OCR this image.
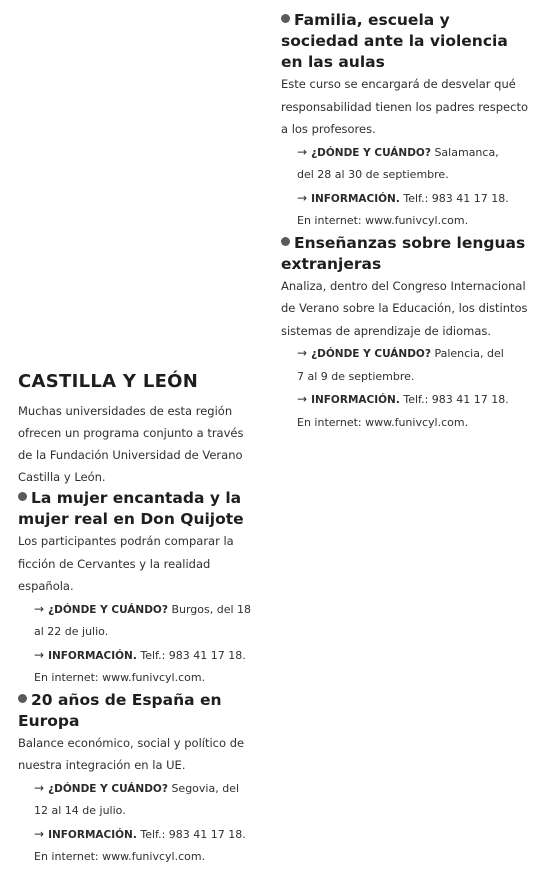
Familia, escuela y sociedad ante la violencia en las aulas

Este curso se encargará de desvelar qué responsabilidad tienen los padres respecto a los profesores.

→ ¿DÓNDE Y CUÁNDO? Salamanca,
del 28 al 30 de septiembre.
→ INFORMACIÓN. Telf.: 983 41 17 18.
En internet: www.funivcyl.com.

Enseñanzas sobre lenguas extranjeras

Analiza, dentro del Congreso Internacional de Verano sobre la Educación, los distintos sistemas de aprendizaje de idiomas.

→ ¿DÓNDE Y CUÁNDO? Palencia, del
7 al 9 de septiembre.
→ INFORMACIÓN. Telf.: 983 41 17 18.
En internet: www.funivcyl.com.
CASTILLA Y LEÓN

Muchas universidades de esta región ofrecen un programa conjunto a través de la Fundación Universidad de Verano Castilla y León.

La mujer encantada y la mujer real en Don Quijote

Los participantes podrán comparar la ficción de Cervantes y la realidad española.

→ ¿DÓNDE Y CUÁNDO? Burgos, del 18
al 22 de julio.
→ INFORMACIÓN. Telf.: 983 41 17 18.
En internet: www.funivcyl.com.

20 años de España en Europa

Balance económico, social y político de nuestra integración en la UE.

→ ¿DÓNDE Y CUÁNDO? Segovia, del
12 al 14 de julio.
→ INFORMACIÓN. Telf.: 983 41 17 18.
En internet: www.funivcyl.com.
